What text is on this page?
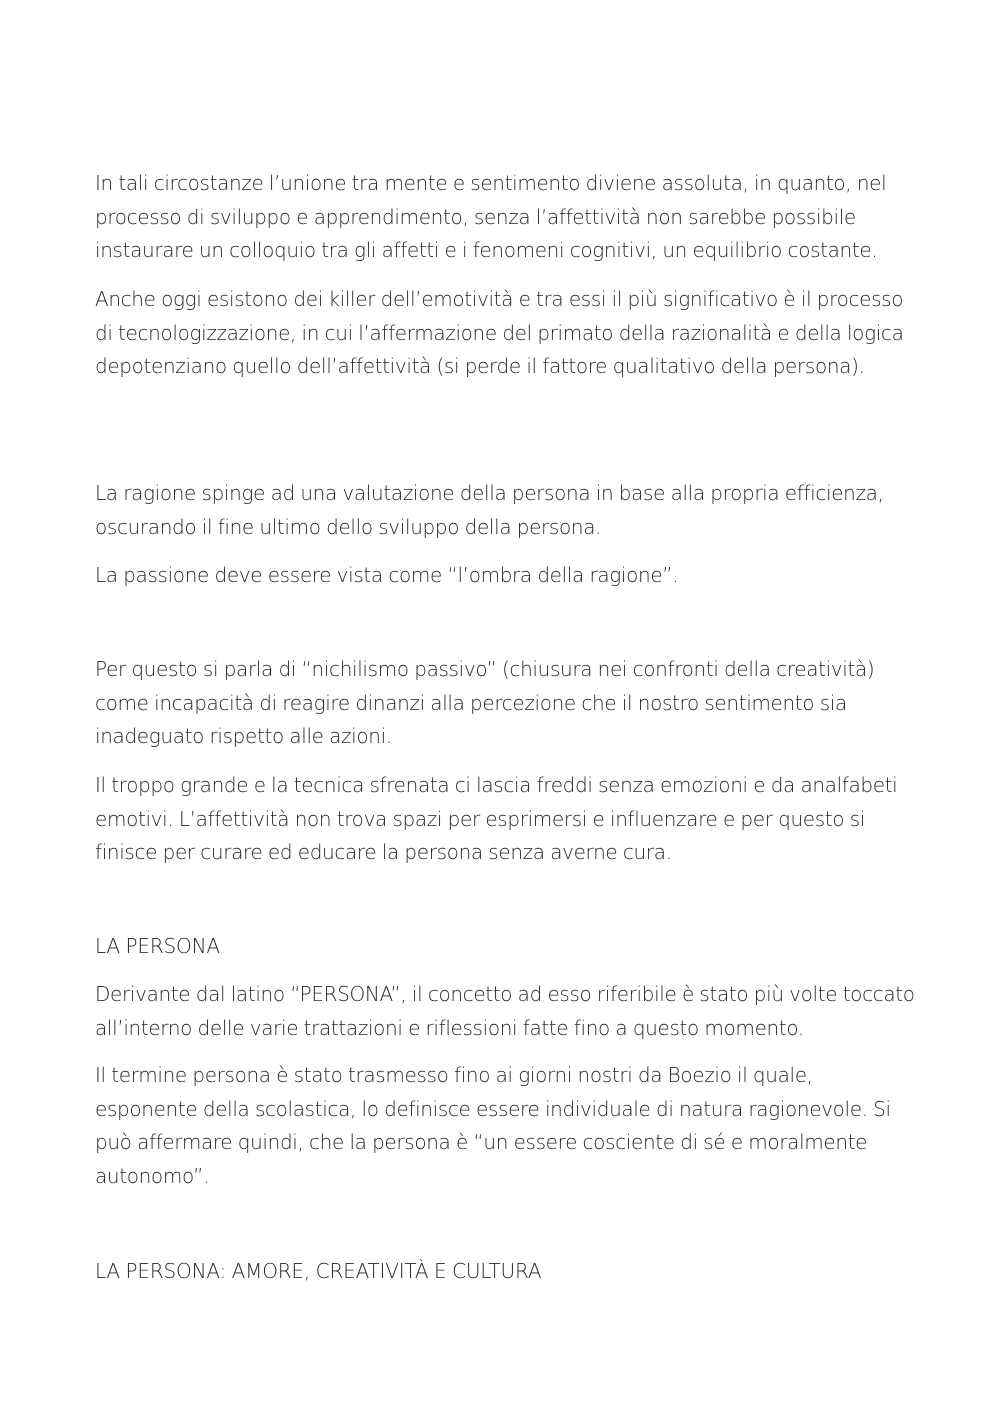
In tali circostanze l’unione tra mente e sentimento diviene assoluta, in quanto, nel processo di sviluppo e apprendimento, senza l’affettività non sarebbe possibile instaurare un colloquio tra gli affetti e i fenomeni cognitivi, un equilibrio costante.

Anche oggi esistono dei killer dell’emotività e tra essi il più significativo è il processo di tecnologizzazione, in cui l’affermazione del primato della razionalità e della logica depotenziano quello dell’affettività (si perde il fattore qualitativo della persona).

La ragione spinge ad una valutazione della persona in base alla propria efficienza, oscurando il fine ultimo dello sviluppo della persona.

La passione deve essere vista come “l’ombra della ragione”.

Per questo si parla di “nichilismo passivo” (chiusura nei confronti della creatività) come incapacità di reagire dinanzi alla percezione che il nostro sentimento sia inadeguato rispetto alle azioni.

Il troppo grande e la tecnica sfrenata ci lascia freddi senza emozioni e da analfabeti emotivi. L’affettività non trova spazi per esprimersi e influenzare e per questo si finisce per curare ed educare la persona senza averne cura.

LA PERSONA

Derivante dal latino “PERSONA”, il concetto ad esso riferibile è stato più volte toccato all’interno delle varie trattazioni e riflessioni fatte fino a questo momento.

Il termine persona è stato trasmesso fino ai giorni nostri da Boezio il quale, esponente della scolastica, lo definisce essere individuale di natura ragionevole. Si può affermare quindi, che la persona è “un essere cosciente di sé e moralmente autonomo”.

LA PERSONA: AMORE, CREATIVITÀ E CULTURA
